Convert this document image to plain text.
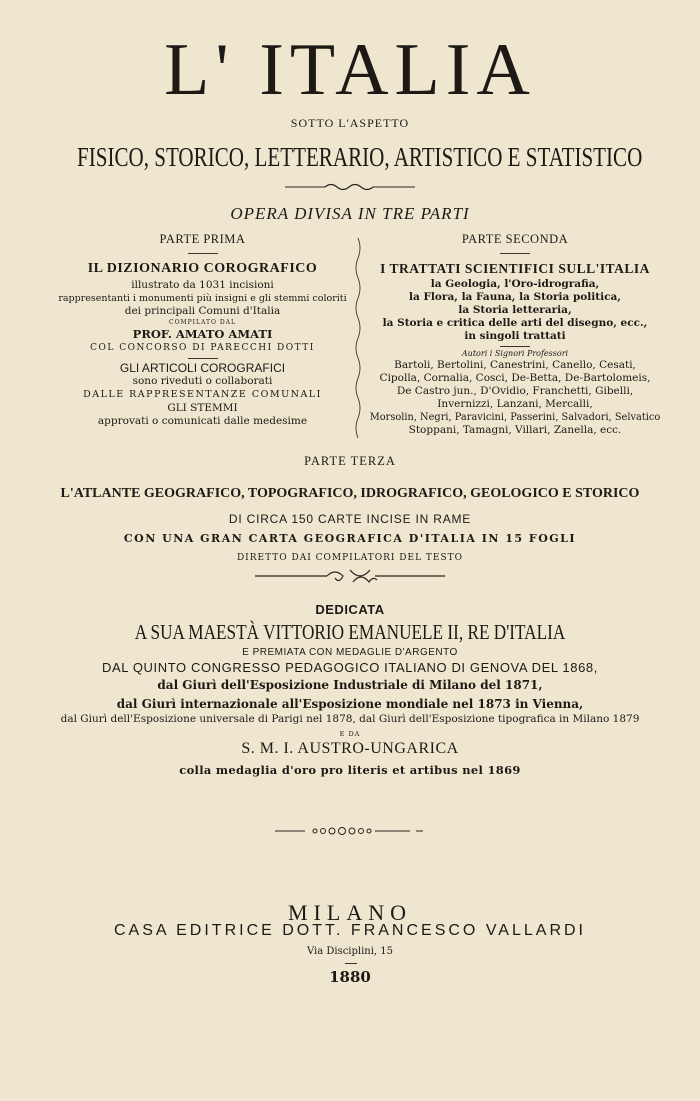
L' ITALIA
SOTTO L'ASPETTO
FISICO, STORICO, LETTERARIO, ARTISTICO E STATISTICO
OPERA DIVISA IN TRE PARTI
PARTE PRIMA
IL DIZIONARIO COROGRAFICO
illustrato da 1031 incisioni
rappresentanti i monumenti più insigni e gli stemmi coloriti
dei principali Comuni d'Italia
COMPILATO DAL
PROF. AMATO AMATI
COL CONCORSO DI PARECCHI DOTTI
GLI ARTICOLI COROGRAFICI
sono riveduti o collaborati
DALLE RAPPRESENTANZE COMUNALI
GLI STEMMI
approvati o comunicati dalle medesime
PARTE SECONDA
I TRATTATI SCIENTIFICI SULL'ITALIA
la Geologia, l'Oro-idrografia,
la Flora, la Fauna, la Storia politica,
la Storia letteraria,
la Storia e critica delle arti del disegno, ecc.,
in singoli trattati
Autori i Signori Professori
Bartoli, Bertolini, Canestrini, Canello, Cesati,
Cipolla, Cornalia, Cosci, De-Betta, De-Bartolomeis,
De Castro jun., D'Ovidio, Franchetti, Gibelli,
Invernizzi, Lanzani, Mercalli,
Morsolin, Negri, Paravicini, Passerini, Salvadori, Selvatico
Stoppani, Tamagni, Villari, Zanella, ecc.
PARTE TERZA
L'ATLANTE GEOGRAFICO, TOPOGRAFICO, IDROGRAFICO, GEOLOGICO E STORICO
DI CIRCA 150 CARTE INCISE IN RAME
CON UNA GRAN CARTA GEOGRAFICA D'ITALIA IN 15 FOGLI
DIRETTO DAI COMPILATORI DEL TESTO
DEDICATA
A SUA MAESTÀ VITTORIO EMANUELE II, RE D'ITALIA
E PREMIATA CON MEDAGLIE D'ARGENTO
DAL QUINTO CONGRESSO PEDAGOGICO ITALIANO DI GENOVA DEL 1868,
dal Giurì dell'Esposizione Industriale di Milano del 1871,
dal Giurì internazionale all'Esposizione mondiale nel 1873 in Vienna,
dal Giurì dell'Esposizione universale di Parigi nel 1878, dal Giurì dell'Esposizione tipografica in Milano 1879
E DA
S. M. I. AUSTRO-UNGARICA
colla medaglia d'oro pro literis et artibus nel 1869
MILANO
CASA EDITRICE DOTT. FRANCESCO VALLARDI
Via Disciplini, 15
1880
